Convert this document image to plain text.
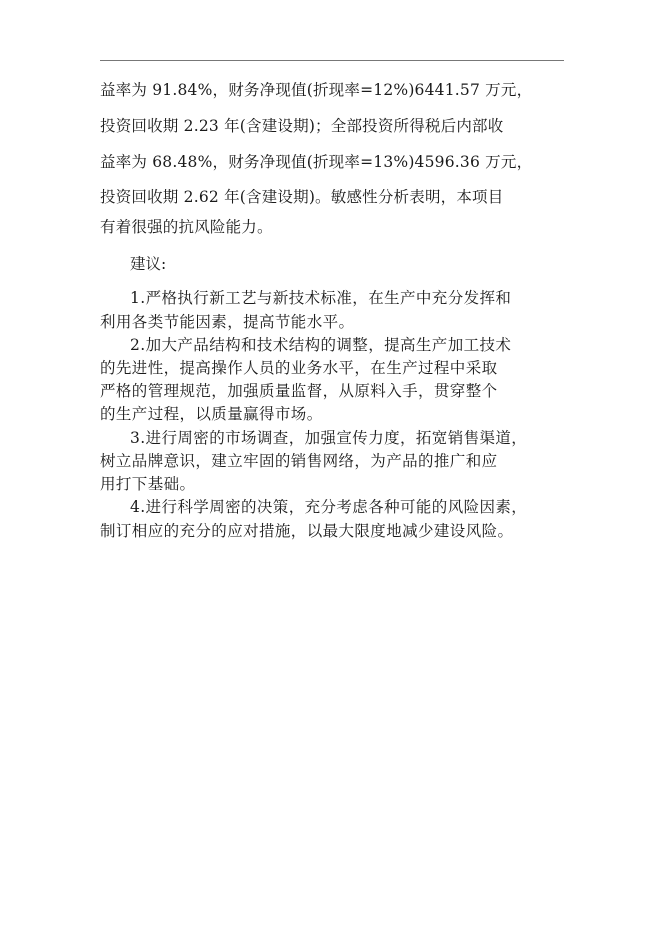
益率为 91.84%，财务净现值(折现率=12%)6441.57 万元，
投资回收期 2.23 年(含建设期)；全部投资所得税后内部收
益率为 68.48%，财务净现值(折现率=13%)4596.36 万元，
投资回收期 2.62 年(含建设期)。敏感性分析表明，本项目
有着很强的抗风险能力。
建议:
1.严格执行新工艺与新技术标准，在生产中充分发挥和
利用各类节能因素，提高节能水平。
2.加大产品结构和技术结构的调整，提高生产加工技术
的先进性，提高操作人员的业务水平，在生产过程中采取
严格的管理规范，加强质量监督，从原料入手，贯穿整个
的生产过程，以质量赢得市场。
3.进行周密的市场调查，加强宣传力度，拓宽销售渠道，
树立品牌意识，建立牢固的销售网络，为产品的推广和应
用打下基础。
4.进行科学周密的决策，充分考虑各种可能的风险因素，
制订相应的充分的应对措施，以最大限度地减少建设风险。
